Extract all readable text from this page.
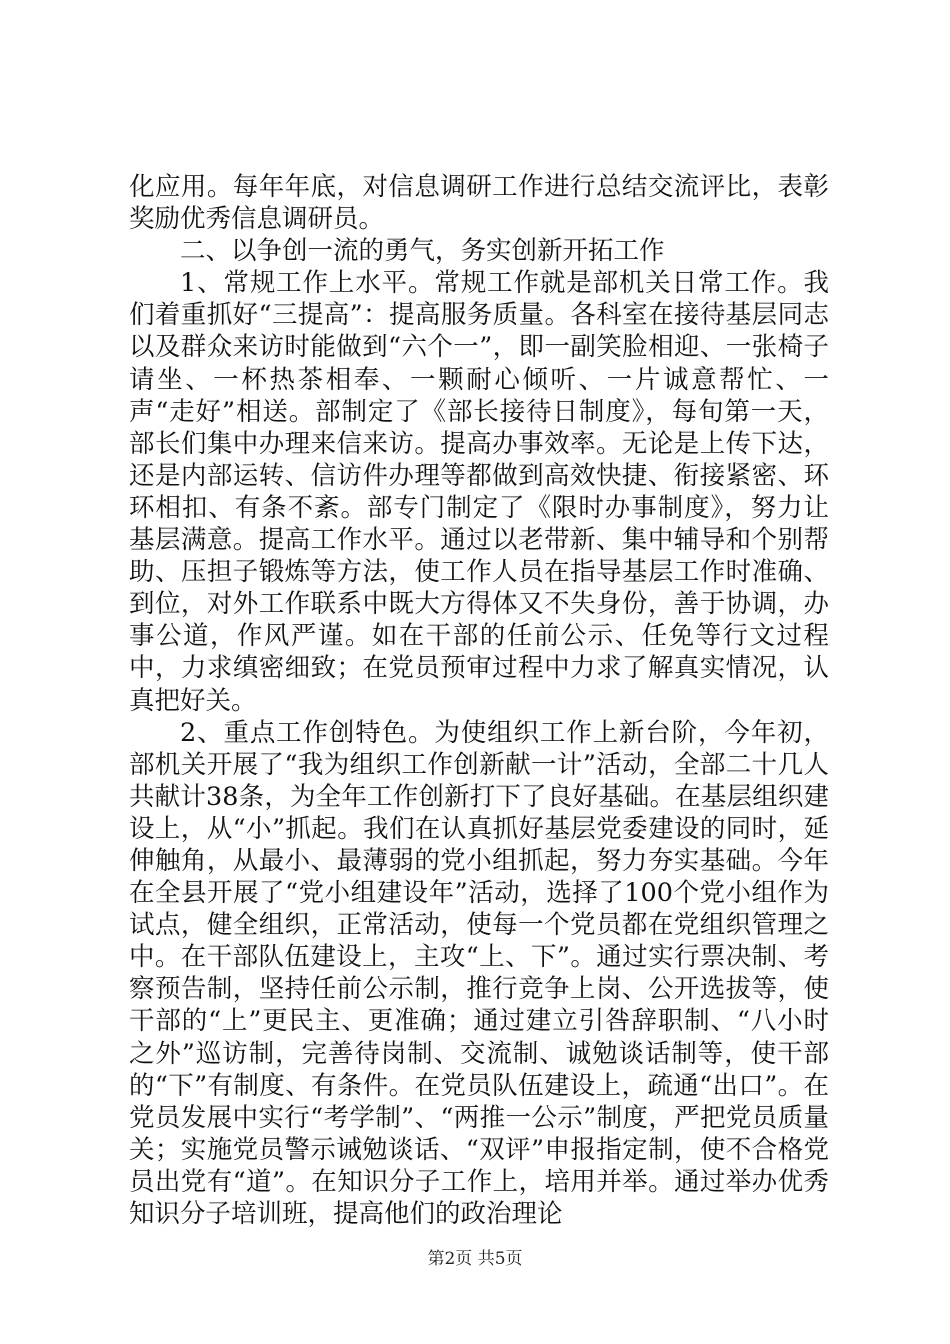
化应用。每年年底，对信息调研工作进行总结交流评比，表彰奖励优秀信息调研员。

二、以争创一流的勇气，务实创新开拓工作

1、常规工作上水平。常规工作就是部机关日常工作。我们着重抓好“三提高”：提高服务质量。各科室在接待基层同志以及群众来访时能做到“六个一”，即一副笑脸相迎、一张椅子请坐、一杯热茶相奉、一颗耐心倾听、一片诚意帮忙、一声“走好”相送。部制定了《部长接待日制度》，每旬第一天，部长们集中办理来信来访。提高办事效率。无论是上传下达，还是内部运转、信访件办理等都做到高效快捷、衔接紧密、环环相扣、有条不紊。部专门制定了《限时办事制度》，努力让基层满意。提高工作水平。通过以老带新、集中辅导和个别帮助、压担子锻炼等方法，使工作人员在指导基层工作时准确、到位，对外工作联系中既大方得体又不失身份，善于协调，办事公道，作风严谨。如在干部的任前公示、任免等行文过程中，力求缜密细致；在党员预审过程中力求了解真实情况，认真把好关。

2、重点工作创特色。为使组织工作上新台阶，今年初，部机关开展了“我为组织工作创新献一计”活动，全部二十几人共献计38条，为全年工作创新打下了良好基础。在基层组织建设上，从“小”抓起。我们在认真抓好基层党委建设的同时，延伸触角，从最小、最薄弱的党小组抓起，努力夯实基础。今年在全县开展了“党小组建设年”活动，选择了100个党小组作为试点，健全组织，正常活动，使每一个党员都在党组织管理之中。在干部队伍建设上，主攻“上、下”。通过实行票决制、考察预告制，坚持任前公示制，推行竞争上岗、公开选拔等，使干部的“上”更民主、更准确；通过建立引咎辞职制、“八小时之外”巡访制，完善待岗制、交流制、诚勉谈话制等，使干部的“下”有制度、有条件。在党员队伍建设上，疏通“出口”。在党员发展中实行“考学制”、“两推一公示”制度，严把党员质量关；实施党员警示诫勉谈话、“双评”申报指定制，使不合格党员出党有“道”。在知识分子工作上，培用并举。通过举办优秀知识分子培训班，提高他们的政治理论

第2页 共5页
